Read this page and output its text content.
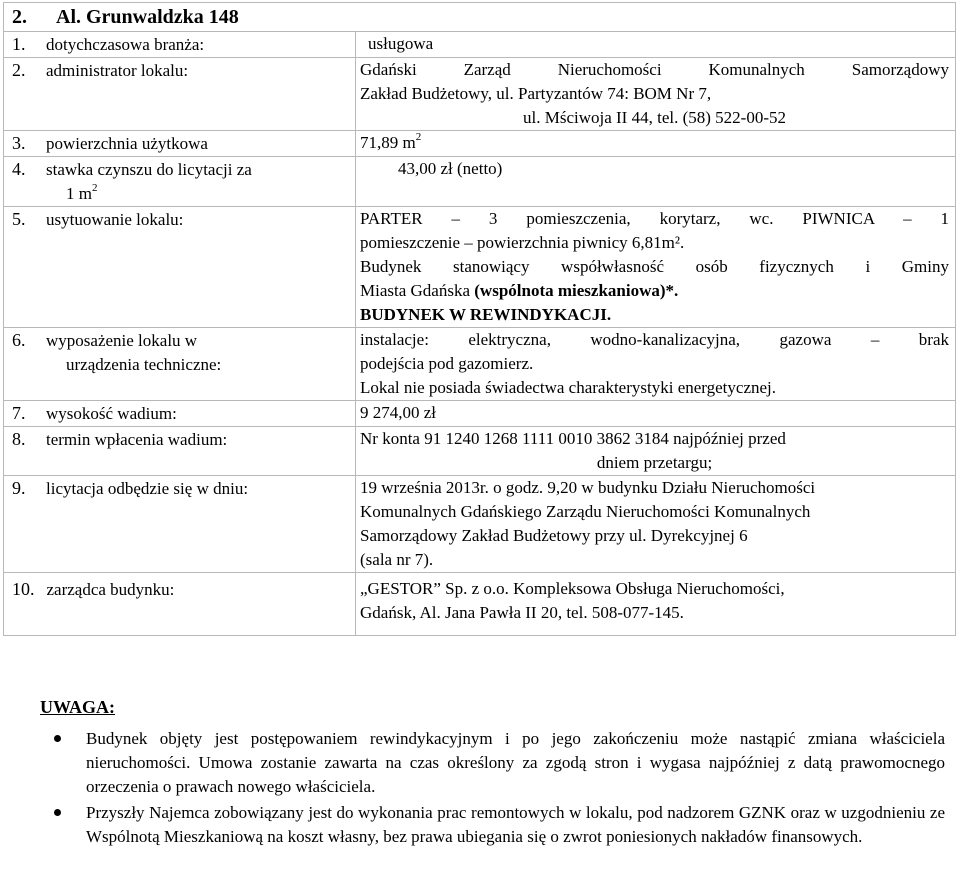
2. Al. Grunwaldzka 148	
1. dotychczasowa branża:	usługowa

2. administrator lokalu:	Gdański Zarząd Nieruchomości Komunalnych Samorządowy
Zakład Budżetowy, ul. Partyzantów 74: BOM Nr 7,
ul. Mściwoja II 44, tel. (58) 522-00-52

3. powierzchnia użytkowa	71,89 $m^2$

4. stawka czynszu do licytacji za
1 $m^2$	43,00 zł (netto)

5. usytuowanie lokalu:	PARTER – 3 pomieszczenia, korytarz, wc. PIWNICA – 1
pomieszczenie – powierzchnia piwnicy 6,81m².
Budynek stanowiący współwłasność osób fizycznych i Gminy
Miasta Gdańska (wspólnota mieszkaniowa)*.
BUDYNEK W REWINDYKACJI.

6. wyposażenie lokalu w
urządzenia techniczne:	instalacje: elektryczna, wodno-kanalizacyjna, gazowa – brak
podejścia pod gazomierz.
Lokal nie posiada świadectwa charakterystyki energetycznej.

7. wysokość wadium:	9 274,00 zł

8. termin wpłacenia wadium:	Nr konta 91 1240 1268 1111 0010 3862 3184 najpóźniej przed
dniem przetargu;

9. licytacja odbędzie się w dniu:	19 września 2013r. o godz. 9,20 w budynku Działu Nieruchomości
Komunalnych Gdańskiego Zarządu Nieruchomości Komunalnych
Samorządowy Zakład Budżetowy przy ul. Dyrekcyjnej 6
(sala nr 7).

10. zarządca budynku:	„GESTOR” Sp. z o.o. Kompleksowa Obsługa Nieruchomości,
Gdańsk, Al. Jana Pawła II 20, tel. 508-077-145.
UWAGA:
Budynek objęty jest postępowaniem rewindykacyjnym i po jego zakończeniu może nastąpić zmiana właściciela nieruchomości. Umowa zostanie zawarta na czas określony za zgodą stron i wygasa najpóźniej z datą prawomocnego orzeczenia o prawach nowego właściciela.
Przyszły Najemca zobowiązany jest do wykonania prac remontowych w lokalu, pod nadzorem GZNK oraz w uzgodnieniu ze Wspólnotą Mieszkaniową na koszt własny, bez prawa ubiegania się o zwrot poniesionych nakładów finansowych.
